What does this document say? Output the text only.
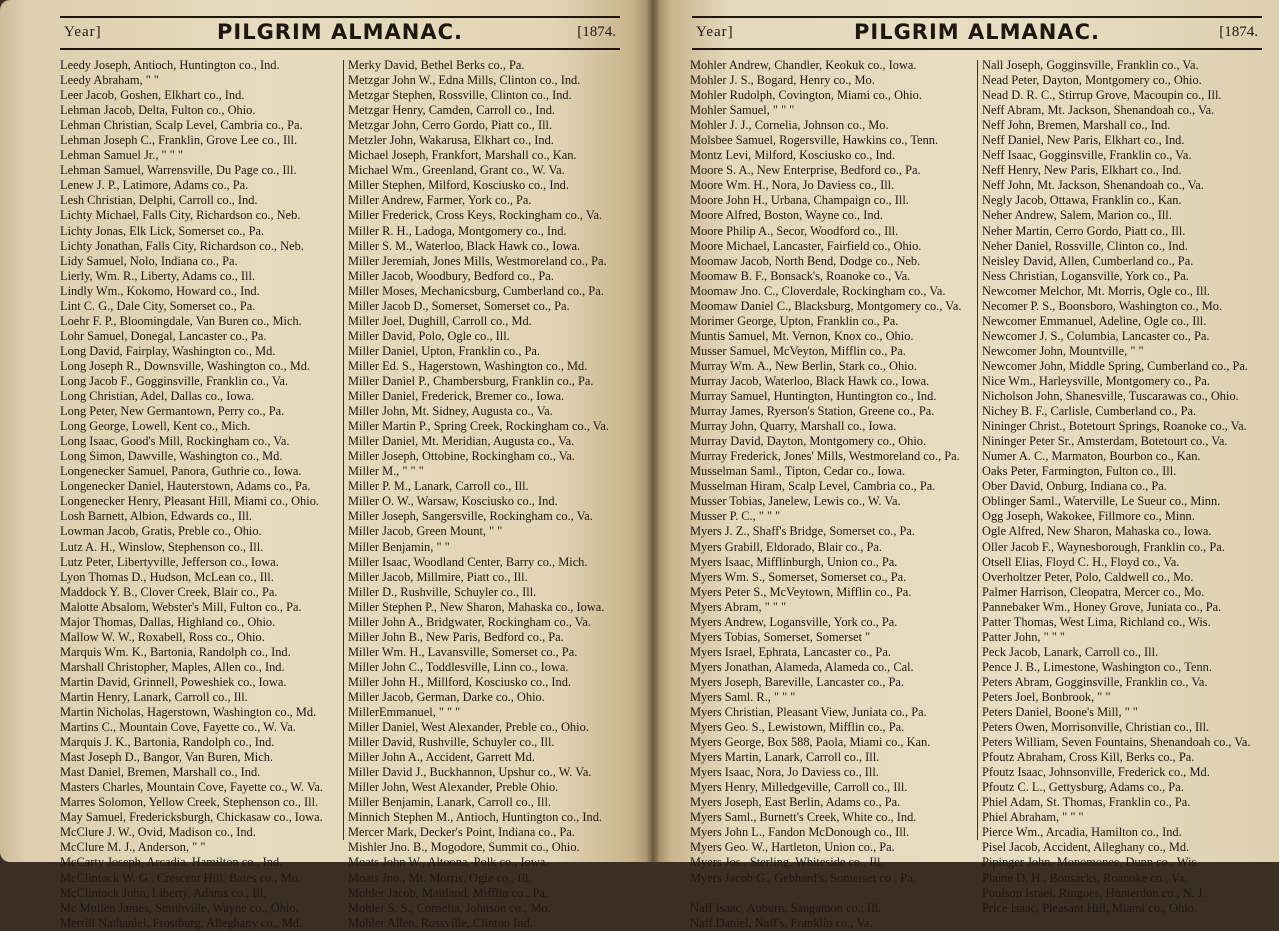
Year]	PILGRIM ALMANAC.	[1874.
Leedy Joseph, Antioch, Huntington co., Ind.
Leedy Abraham, " "
Leer Jacob, Goshen, Elkhart co., Ind.
Lehman Jacob, Delta, Fulton co., Ohio.
Lehman Christian, Scalp Level, Cambria co., Pa.
Lehman Joseph C., Franklin, Grove Lee co., Ill.
Lehman Samuel Jr., " " "
Lehman Samuel, Warrensville, Du Page co., Ill.
Lenew J. P., Latimore, Adams co., Pa.
Lesh Christian, Delphi, Carroll co., Ind.
Lichty Michael, Falls City, Richardson co., Neb.
Lichty Jonas, Elk Lick, Somerset co., Pa.
Lichty Jonathan, Falls City, Richardson co., Neb.
Lidy Samuel, Nolo, Indiana co., Pa.
Lierly, Wm. R., Liberty, Adams co., Ill.
Lindly Wm., Kokomo, Howard co., Ind.
Lint C. G., Dale City, Somerset co., Pa.
Loehr F. P., Bloomingdale, Van Buren co., Mich.
Lohr Samuel, Donegal, Lancaster co., Pa.
Long David, Fairplay, Washington co., Md.
Long Joseph R., Downsville, Washington co., Md.
Long Jacob F., Gogginsville, Franklin co., Va.
Long Christian, Adel, Dallas co., Iowa.
Long Peter, New Germantown, Perry co., Pa.
Long George, Lowell, Kent co., Mich.
Long Isaac, Good's Mill, Rockingham co., Va.
Long Simon, Dawville, Washington co., Md.
Longenecker Samuel, Panora, Guthrie co., Iowa.
Longenecker Daniel, Hauterstown, Adams co., Pa.
Longenecker Henry, Pleasant Hill, Miami co., Ohio.
Losh Barnett, Albion, Edwards co., Ill.
Lowman Jacob, Gratis, Preble co., Ohio.
Lutz A. H., Winslow, Stephenson co., Ill.
Lutz Peter, Libertyville, Jefferson co., Iowa.
Lyon Thomas D., Hudson, McLean co., Ill.
Maddock Y. B., Clover Creek, Blair co., Pa.
Malotte Absalom, Webster's Mill, Fulton co., Pa.
Major Thomas, Dallas, Highland co., Ohio.
Mallow W. W., Roxabell, Ross co., Ohio.
Marquis Wm. K., Bartonia, Randolph co., Ind.
Marshall Christopher, Maples, Allen co., Ind.
Martin David, Grinnell, Poweshiek co., Iowa.
Martin Henry, Lanark, Carroll co., Ill.
Martin Nicholas, Hagerstown, Washington co., Md.
Martins C., Mountain Cove, Fayette co., W. Va.
Marquis J. K., Bartonia, Randolph co., Ind.
Mast Joseph D., Bangor, Van Buren, Mich.
Mast Daniel, Bremen, Marshall co., Ind.
Masters Charles, Mountain Cove, Fayette co., W. Va.
Marres Solomon, Yellow Creek, Stephenson co., Ill.
May Samuel, Fredericksburgh, Chickasaw co., Iowa.
McClure J. W., Ovid, Madison co., Ind.
McClure M. J., Anderson, " "
McCarty Joseph, Arcadia, Hamilton co., Ind.
McClintock W. G., Crescent Hill, Bates co., Mo.
McClintock John, Liberty, Adams co., Ill.
Mc Mullen James, Smithville, Wayne co., Ohio.
Merrill Nathaniel, Frostburg, Alleghany co., Md.
Merky David, Bethel Berks co., Pa.
Metzgar John W., Edna Mills, Clinton co., Ind.
Metzgar Stephen, Rossville, Clinton co., Ind.
Metzgar Henry, Camden, Carroll co., Ind.
Metzgar John, Cerro Gordo, Piatt co., Ill.
Metzler John, Wakarusa, Elkhart co., Ind.
Michael Joseph, Frankfort, Marshall co., Kan.
Michael Wm., Greenland, Grant co., W. Va.
Miller Stephen, Milford, Kosciusko co., Ind.
Miller Andrew, Farmer, York co., Pa.
Miller Frederick, Cross Keys, Rockingham co., Va.
Miller R. H., Ladoga, Montgomery co., Ind.
Miller S. M., Waterloo, Black Hawk co., Iowa.
Miller Jeremiah, Jones Mills, Westmoreland co., Pa.
Miller Jacob, Woodbury, Bedford co., Pa.
Miller Moses, Mechanicsburg, Cumberland co., Pa.
Miller Jacob D., Somerset, Somerset co., Pa.
Miller Joel, Dughill, Carroll co., Md.
Miller David, Polo, Ogle co., Ill.
Miller Daniel, Upton, Franklin co., Pa.
Miller Ed. S., Hagerstown, Washington co., Md.
Miller Daniel P., Chambersburg, Franklin co., Pa.
Miller Daniel, Frederick, Bremer co., Iowa.
Miller John, Mt. Sidney, Augusta co., Va.
Miller Martin P., Spring Creek, Rockingham co., Va.
Miller Daniel, Mt. Meridian, Augusta co., Va.
Miller Joseph, Ottobine, Rockingham co., Va.
Miller M., " " "
Miller P. M., Lanark, Carroll co., Ill.
Miller O. W., Warsaw, Kosciusko co., Ind.
Miller Joseph, Sangersville, Rockingham co., Va.
Miller Jacob, Green Mount, " "
Miller Benjamin, " "
Miller Isaac, Woodland Center, Barry co., Mich.
Miller Jacob, Millmire, Piatt co., Ill.
Miller D., Rushville, Schuyler co., Ill.
Miller Stephen P., New Sharon, Mahaska co., Iowa.
Miller John A., Bridgwater, Rockingham co., Va.
Miller John B., New Paris, Bedford co., Pa.
Miller Wm. H., Lavansville, Somerset co., Pa.
Miller John C., Toddlesville, Linn co., Iowa.
Miller John H., Millford, Kosciusko co., Ind.
Miller Jacob, German, Darke co., Ohio.
MillerEmmanuel, " " "
Miller Daniel, West Alexander, Preble co., Ohio.
Miller David, Rushville, Schuyler co., Ill.
Miller John A., Accident, Garrett Md.
Miller David J., Buckhannon, Upshur co., W. Va.
Miller John, West Alexander, Preble Ohio.
Miller Benjamin, Lanark, Carroll co., Ill.
Minnich Stephen M., Antioch, Huntington co., Ind.
Mercer Mark, Decker's Point, Indiana co., Pa.
Mishler Jno. B., Mogodore, Summit co., Ohio.
Moats John W., Altoona, Polk co., Iowa.
Moats Jno., Mt. Morris, Ogle co., Ill.
Mohler Jacob, Maitland, Mifflin co., Pa.
Mohler S. S., Cornelia, Johnson co., Mo.
Mohler Allen, Rossville, Clinton Ind.
Year]	PILGRIM ALMANAC.	[1874.
Mohler Andrew, Chandler, Keokuk co., Iowa.
Mohler J. S., Bogard, Henry co., Mo.
Mohler Rudolph, Covington, Miami co., Ohio.
Mohler Samuel, " " "
Mohler J. J., Cornelia, Johnson co., Mo.
Molsbee Samuel, Rogersville, Hawkins co., Tenn.
Montz Levi, Milford, Kosciusko co., Ind.
Moore S. A., New Enterprise, Bedford co., Pa.
Moore Wm. H., Nora, Jo Daviess co., Ill.
Moore John H., Urbana, Champaign co., Ill.
Moore Alfred, Boston, Wayne co., Ind.
Moore Philip A., Secor, Woodford co., Ill.
Moore Michael, Lancaster, Fairfield co., Ohio.
Moomaw Jacob, North Bend, Dodge co., Neb.
Moomaw B. F., Bonsack's, Roanoke co., Va.
Moomaw Jno. C., Cloverdale, Rockingham co., Va.
Moomaw Daniel C., Blacksburg, Montgomery co., Va.
Morimer George, Upton, Franklin co., Pa.
Muntis Samuel, Mt. Vernon, Knox co., Ohio.
Musser Samuel, McVeyton, Mifflin co., Pa.
Murray Wm. A., New Berlin, Stark co., Ohio.
Murray Jacob, Waterloo, Black Hawk co., Iowa.
Murray Samuel, Huntington, Huntington co., Ind.
Murray James, Ryerson's Station, Greene co., Pa.
Murray John, Quarry, Marshall co., Iowa.
Murray David, Dayton, Montgomery co., Ohio.
Murray Frederick, Jones' Mills, Westmoreland co., Pa.
Musselman Saml., Tipton, Cedar co., Iowa.
Musselman Hiram, Scalp Level, Cambria co., Pa.
Musser Tobias, Janelew, Lewis co., W. Va.
Musser P. C., " " "
Myers J. Z., Shaff's Bridge, Somerset co., Pa.
Myers Grabill, Eldorado, Blair co., Pa.
Myers Isaac, Mifflinburgh, Union co., Pa.
Myers Wm. S., Somerset, Somerset co., Pa.
Myers Peter S., McVeytown, Mifflin co., Pa.
Myers Abram, " " "
Myers Andrew, Logansville, York co., Pa.
Myers Tobias, Somerset, Somerset "
Myers Israel, Ephrata, Lancaster co., Pa.
Myers Jonathan, Alameda, Alameda co., Cal.
Myers Joseph, Bareville, Lancaster co., Pa.
Myers Saml. R., " " "
Myers Christian, Pleasant View, Juniata co., Pa.
Myers Geo. S., Lewistown, Mifflin co., Pa.
Myers George, Box 588, Paola, Miami co., Kan.
Myers Martin, Lanark, Carroll co., Ill.
Myers Isaac, Nora, Jo Daviess co., Ill.
Myers Henry, Milledgeville, Carroll co., Ill.
Myers Joseph, East Berlin, Adams co., Pa.
Myers Saml., Burnett's Creek, White co., Ind.
Myers John L., Fandon McDonough co., Ill.
Myers Geo. W., Hartleton, Union co., Pa.
Myers Jos., Sterling, Whiteside co., Ill.
Myers Jacob G., Gebhard's, Somerset co., Pa.
Naff Isaac, Auburn, Sangamon co., Ill.
Naff Daniel, Naff's, Franklin co., Va.
Nall Joseph, Gogginsville, Franklin co., Va.
Nead Peter, Dayton, Montgomery co., Ohio.
Nead D. R. C., Stirrup Grove, Macoupin co., Ill.
Neff Abram, Mt. Jackson, Shenandoah co., Va.
Neff John, Bremen, Marshall co., Ind.
Neff Daniel, New Paris, Elkhart co., Ind.
Neff Isaac, Gogginsville, Franklin co., Va.
Neff Henry, New Paris, Elkhart co., Ind.
Neff John, Mt. Jackson, Shenandoah co., Va.
Negly Jacob, Ottawa, Franklin co., Kan.
Neher Andrew, Salem, Marion co., Ill.
Neher Martin, Cerro Gordo, Piatt co., Ill.
Neher Daniel, Rossville, Clinton co., Ind.
Neisley David, Allen, Cumberland co., Pa.
Ness Christian, Logansville, York co., Pa.
Newcomer Melchor, Mt. Morris, Ogle co., Ill.
Necomer P. S., Boonsboro, Washington co., Mo.
Newcomer Emmanuel, Adeline, Ogle co., Ill.
Newcomer J. S., Columbia, Lancaster co., Pa.
Newcomer John, Mountville, " "
Newcomer John, Middle Spring, Cumberland co., Pa.
Nice Wm., Harleysville, Montgomery co., Pa.
Nicholson John, Shanesville, Tuscarawas co., Ohio.
Nichey B. F., Carlisle, Cumberland co., Pa.
Nininger Christ., Botetourt Springs, Roanoke co., Va.
Nininger Peter Sr., Amsterdam, Botetourt co., Va.
Numer A. C., Marmaton, Bourbon co., Kan.
Oaks Peter, Farmington, Fulton co., Ill.
Ober David, Onburg, Indiana co., Pa.
Oblinger Saml., Waterville, Le Sueur co., Minn.
Ogg Joseph, Wakokee, Fillmore co., Minn.
Ogle Alfred, New Sharon, Mahaska co., Iowa.
Oller Jacob F., Waynesborough, Franklin co., Pa.
Otsell Elias, Floyd C. H., Floyd co., Va.
Overholtzer Peter, Polo, Caldwell co., Mo.
Palmer Harrison, Cleopatra, Mercer co., Mo.
Pannebaker Wm., Honey Grove, Juniata co., Pa.
Patter Thomas, West Lima, Richland co., Wis.
Patter John, " " "
Peck Jacob, Lanark, Carroll co., Ill.
Pence J. B., Limestone, Washington co., Tenn.
Peters Abram, Gogginsville, Franklin co., Va.
Peters Joel, Bonbrook, " "
Peters Daniel, Boone's Mill, " "
Peters Owen, Morrisonville, Christian co., Ill.
Peters William, Seven Fountains, Shenandoah co., Va.
Pfoutz Abraham, Cross Kill, Berks co., Pa.
Pfoutz Isaac, Johnsonville, Frederick co., Md.
Pfoutz C. L., Gettysburg, Adams co., Pa.
Phiel Adam, St. Thomas, Franklin co., Pa.
Phiel Abraham, " " "
Pierce Wm., Arcadia, Hamilton co., Ind.
Pisel Jacob, Accident, Alleghany co., Md.
Pipinger John, Monomonee, Dunn co., Wis.
Plaine D. H., Bonsacks, Roanoke co., Va.
Poulson Israel, Ringoes, Hunterdon co., N. J.
Price Isaac, Pleasant Hill, Miami co., Ohio.
